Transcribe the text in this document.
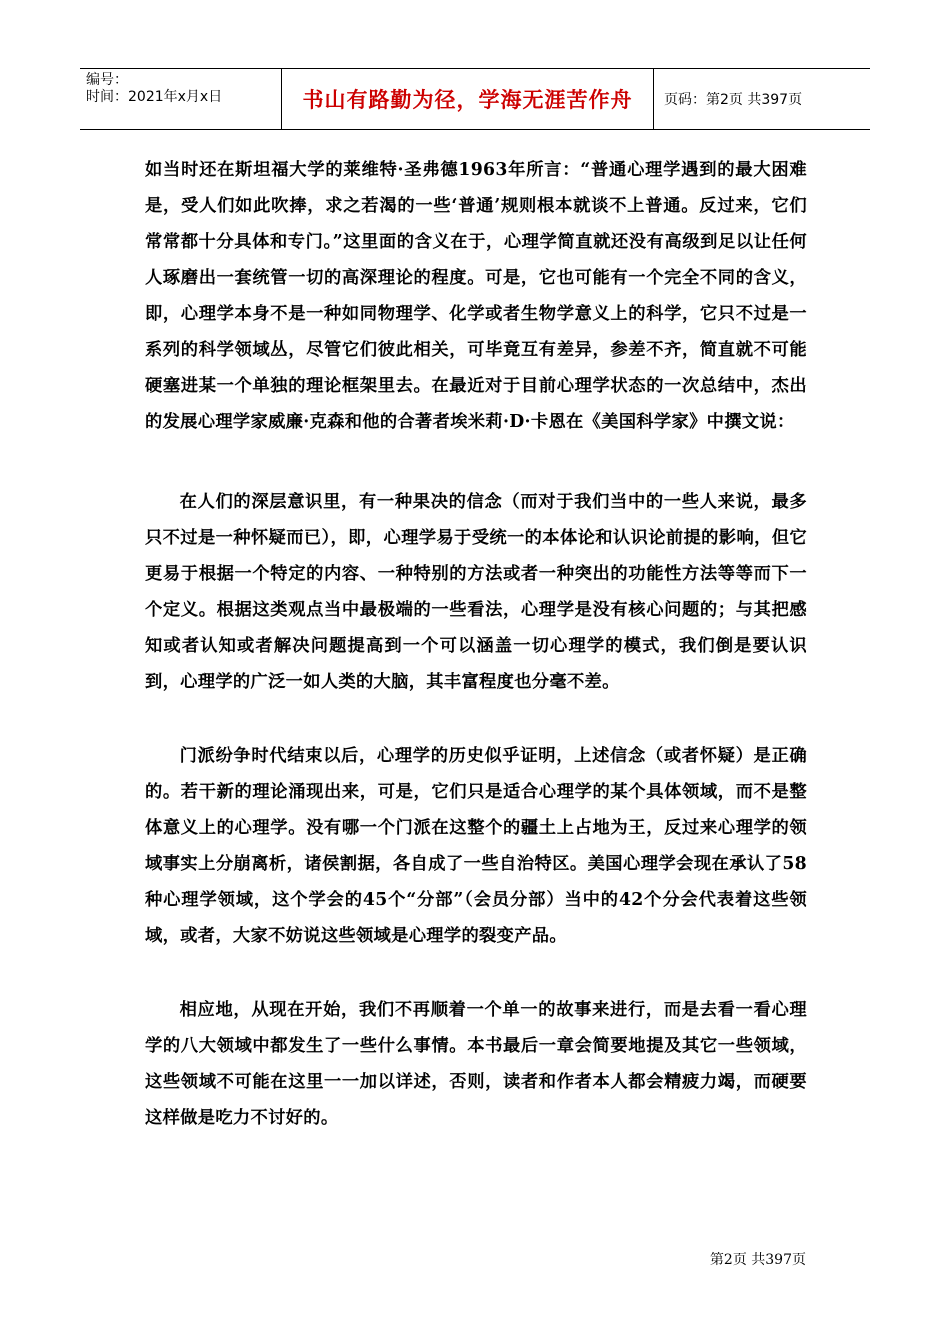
编号：
时间：2021年x月x日	书山有路勤为径，学海无涯苦作舟	页码：第2页 共397页

如当时还在斯坦福大学的莱维特·圣弗德1963年所言：“普通心理学遇到的最大困难是，受人们如此吹捧，求之若渴的一些‘普通’规则根本就谈不上普通。反过来，它们常常都十分具体和专门。”这里面的含义在于，心理学简直就还没有高级到足以让任何人琢磨出一套统管一切的高深理论的程度。可是，它也可能有一个完全不同的含义，即，心理学本身不是一种如同物理学、化学或者生物学意义上的科学，它只不过是一系列的科学领域丛，尽管它们彼此相关，可毕竟互有差异，参差不齐，简直就不可能硬塞进某一个单独的理论框架里去。在最近对于目前心理学状态的一次总结中，杰出的发展心理学家威廉·克森和他的合著者埃米莉·D·卡恩在《美国科学家》中撰文说：

在人们的深层意识里，有一种果决的信念（而对于我们当中的一些人来说，最多只不过是一种怀疑而已），即，心理学易于受统一的本体论和认识论前提的影响，但它更易于根据一个特定的内容、一种特别的方法或者一种突出的功能性方法等等而下一个定义。根据这类观点当中最极端的一些看法，心理学是没有核心问题的；与其把感知或者认知或者解决问题提高到一个可以涵盖一切心理学的模式，我们倒是要认识到，心理学的广泛一如人类的大脑，其丰富程度也分毫不差。

门派纷争时代结束以后，心理学的历史似乎证明，上述信念（或者怀疑）是正确的。若干新的理论涌现出来，可是，它们只是适合心理学的某个具体领域，而不是整体意义上的心理学。没有哪一个门派在这整个的疆土上占地为王，反过来心理学的领域事实上分崩离析，诸侯割据，各自成了一些自治特区。美国心理学会现在承认了58种心理学领域，这个学会的45个“分部”（会员分部）当中的42个分会代表着这些领域，或者，大家不妨说这些领域是心理学的裂变产品。

相应地，从现在开始，我们不再顺着一个单一的故事来进行，而是去看一看心理学的八大领域中都发生了一些什么事情。本书最后一章会简要地提及其它一些领域，这些领域不可能在这里一一加以详述，否则，读者和作者本人都会精疲力竭，而硬要这样做是吃力不讨好的。

第2页 共397页
